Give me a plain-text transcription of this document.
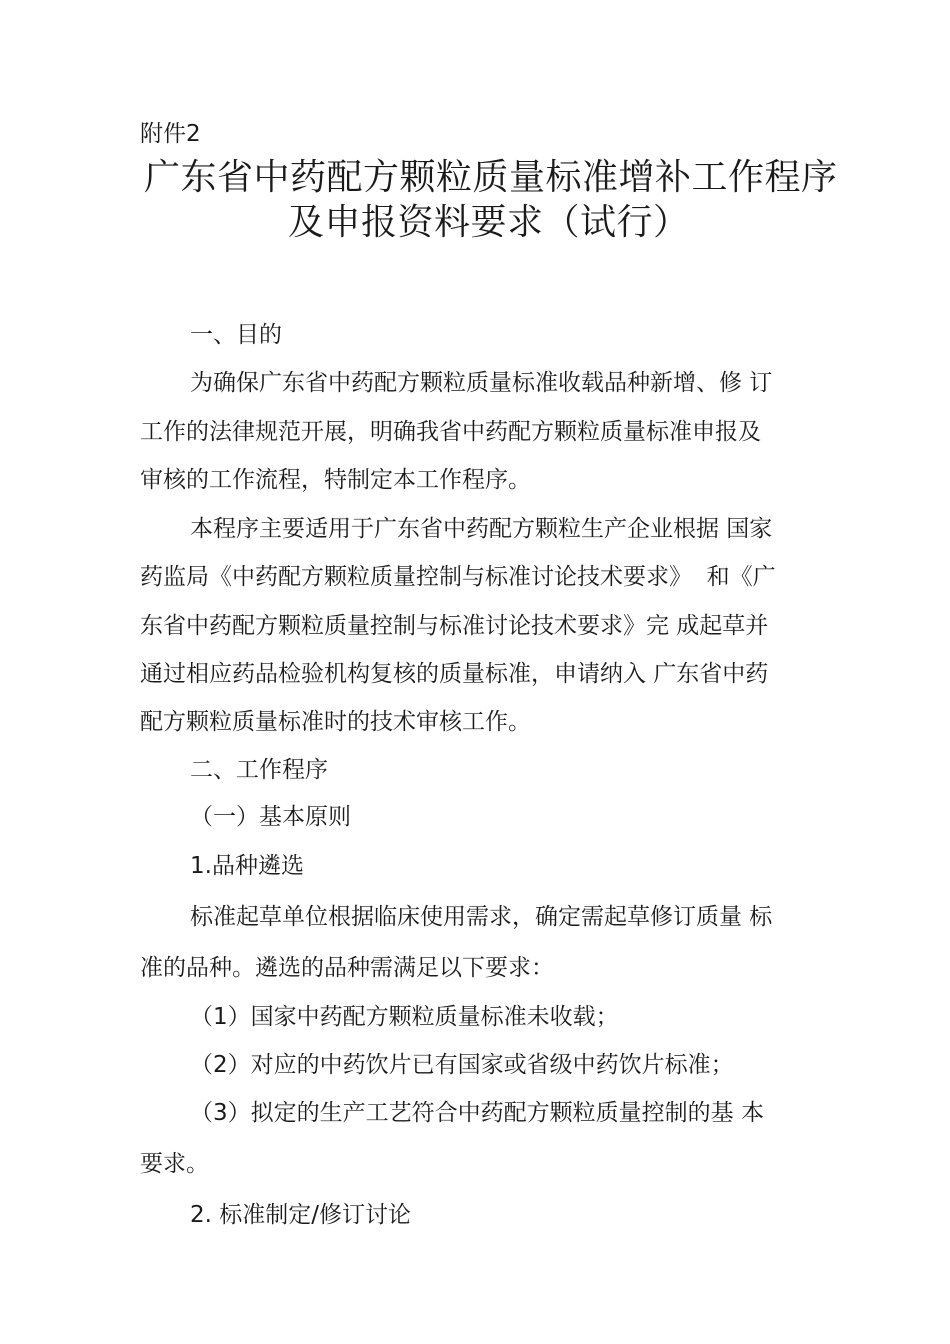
附件2
广东省中药配方颗粒质量标准增补工作程序
及申报资料要求（试行）
一、目的
为确保广东省中药配方颗粒质量标准收载品种新增、修 订
工作的法律规范开展，明确我省中药配方颗粒质量标准申报及
审核的工作流程，特制定本工作程序。
本程序主要适用于广东省中药配方颗粒生产企业根据 国家
药监局《中药配方颗粒质量控制与标准讨论技术要求》  和《广
东省中药配方颗粒质量控制与标准讨论技术要求》完 成起草并
通过相应药品检验机构复核的质量标准，申请纳入 广东省中药
配方颗粒质量标准时的技术审核工作。
二、工作程序
（一）基本原则
1.品种遴选
标准起草单位根据临床使用需求，确定需起草修订质量 标
准的品种。遴选的品种需满足以下要求：
（1）国家中药配方颗粒质量标准未收载；
（2）对应的中药饮片已有国家或省级中药饮片标准；
（3）拟定的生产工艺符合中药配方颗粒质量控制的基 本
要求。
2. 标准制定/修订讨论
